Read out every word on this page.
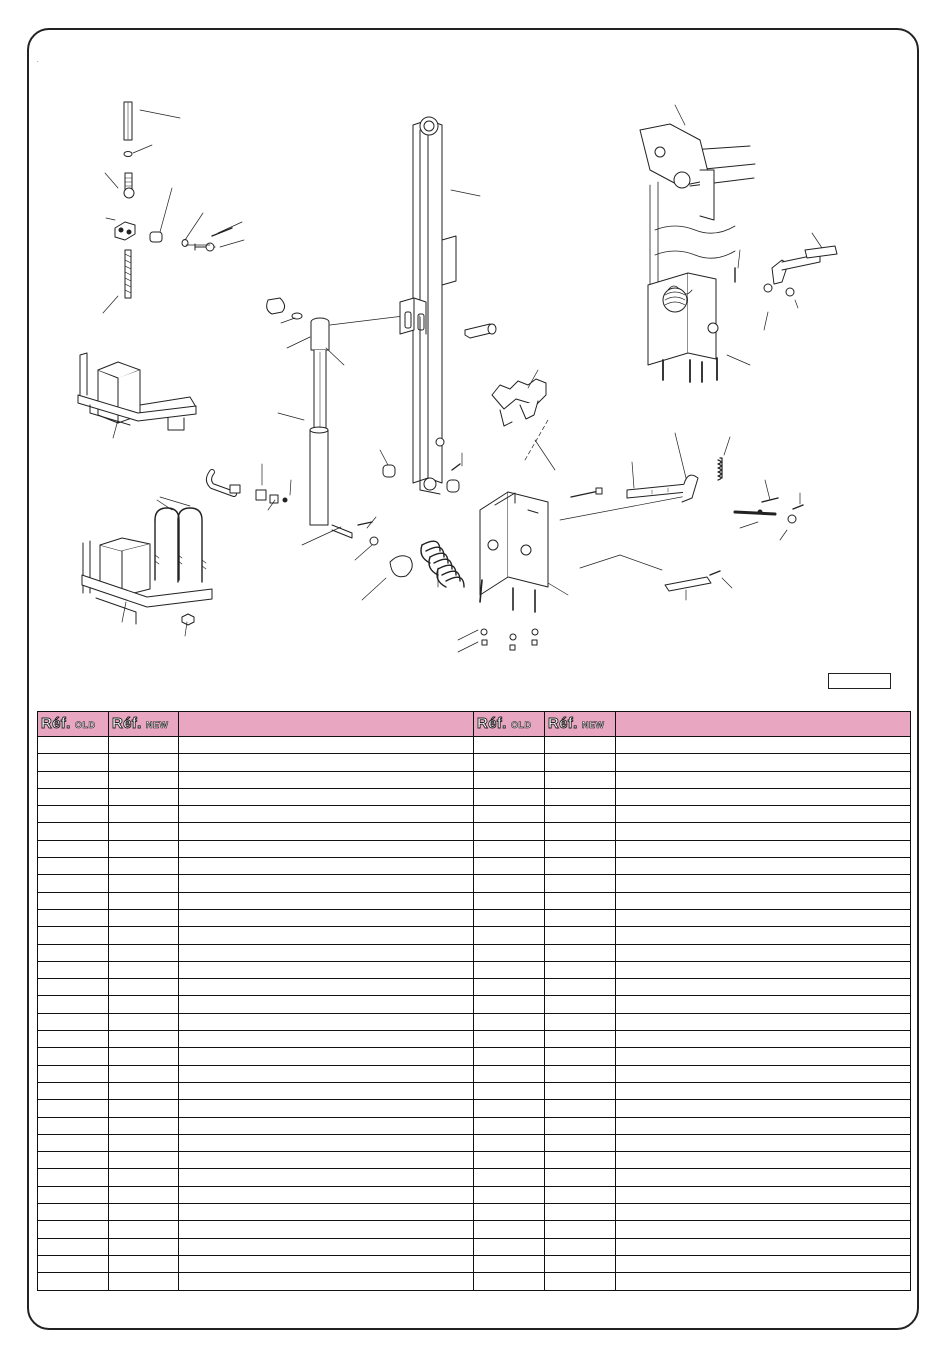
.
Réf. OLD	Réf. NEW		Réf. OLD	Réf. NEW	
